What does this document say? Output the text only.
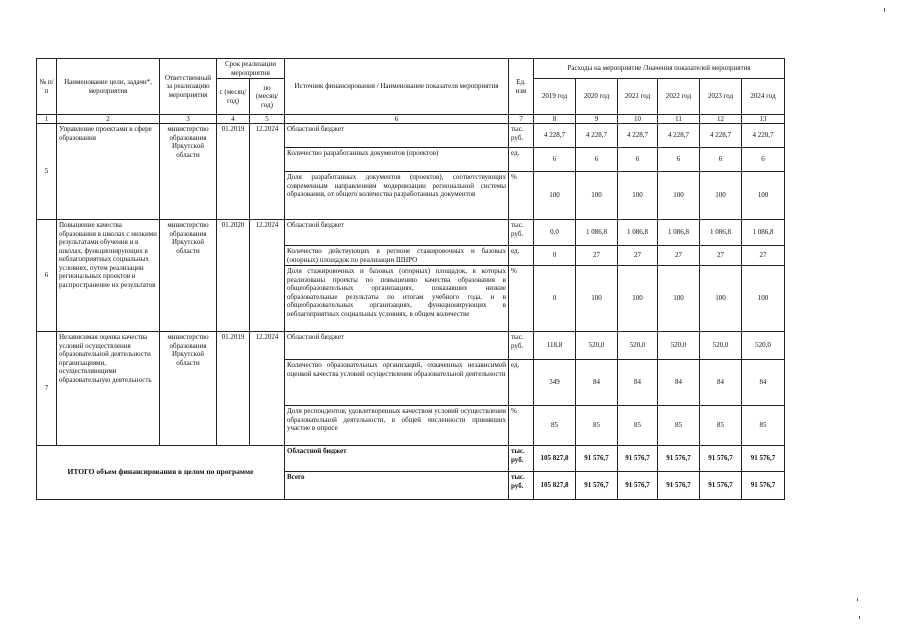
№ п/п	Наименование цели, задачи*, мероприятия	Ответственный за реализацию мероприятия	Срок реализации мероприятия		Источник финансирования / Наименование показателя мероприятия	Ед. изм	Расходы на мероприятие /Значения показателей мероприятия					
			с (месяц/ год)	по (месяц/ год)			2019 год	2020 год	2021 год	2022 год	2023 год	2024 год
1	2	3	4	5	6	7	8	9	10	11	12	13
5	Управление проектами в сфере образования	министерство образования Иркутской области	01.2019	12.2024	Областной бюджет	тыс. руб.	4 228,7	4 228,7	4 228,7	4 228,7	4 228,7	4 228,7
					Количество разработанных документов (проектов)	ед.	6	6	6	6	6	6
					Доля разработанных документов (проектов), соответствующих современным направлениям модернизации региональной системы образования, от общего количества разработанных документов	%	100	100	100	100	100	100
6	Повышение качества образования в школах с низкими результатами обучения и в школах, функционирующих в неблагоприятных социальных условиях, путем реализации региональных проектов и распространение их результатов	министерство образования Иркутской области	01.2020	12.2024	Областной бюджет	тыс. руб.	0,0	1 086,8	1 086,8	1 086,8	1 086,8	1 086,8
					Количество действующих в регионе стажировочных и базовых (опорных) площадок по реализации ШНРО	ед.	0	27	27	27	27	27
					Доля стажировочных и базовых (опорных) площадок, в которых реализованы проекты по повышению качества образования в общеобразовательных организациях, показавших низкие образовательные результаты по итогам учебного года, и в общеобразовательных организациях, функционирующих в неблагоприятных социальных условиях, в общем количестве	%	0	100	100	100	100	100
7	Независимая оценка качества условий осуществления образовательной деятельности организациями, осуществляющими образовательную деятельность	министерство образования Иркутской области	01.2019	12.2024	Областной бюджет	тыс. руб.	118,8	520,0	520,0	520,0	520,0	520,0
					Количество образовательных организаций, охваченных независимой оценкой качества условий осуществления образовательной деятельности	ед.	349	84	84	84	84	84
					Доля респондентов, удовлетворенных качеством условий осуществления образовательной деятельности, в общей численности принявших участие в опросе	%	85	85	85	85	85	85
ИТОГО объем финансирования в целом по программе					Областной бюджет	тыс. руб.	105 827,8	91 576,7	91 576,7	91 576,7	91 576,7	91 576,7
					Всего	тыс. руб.	105 827,8	91 576,7	91 576,7	91 576,7	91 576,7	91 576,7
